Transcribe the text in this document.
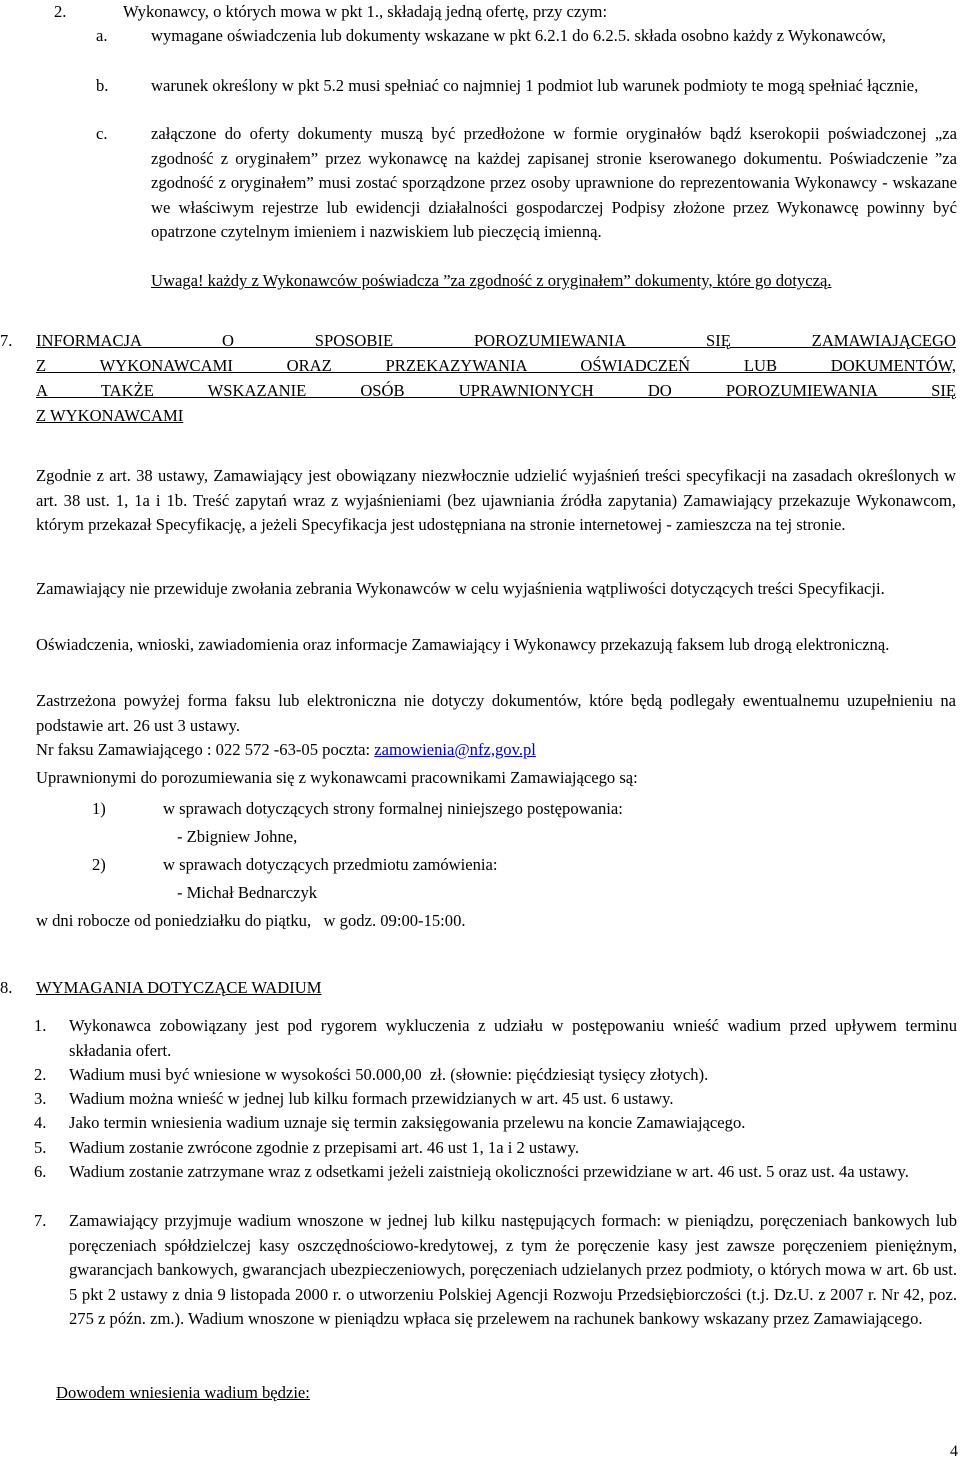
2.	Wykonawcy, o których mowa w pkt 1., składają jedną ofertę, przy czym:
a.	wymagane oświadczenia lub dokumenty wskazane w pkt 6.2.1 do 6.2.5. składa osobno każdy z Wykonawców,
b.	warunek określony w pkt 5.2 musi spełniać co najmniej 1 podmiot lub warunek podmioty te mogą spełniać łącznie,
c.	załączone do oferty dokumenty muszą być przedłożone w formie oryginałów bądź kserokopii poświadczonej „za zgodność z oryginałem” przez wykonawcę na każdej zapisanej stronie kserowanego dokumentu. Poświadczenie ”za zgodność z oryginałem” musi zostać sporządzone przez osoby uprawnione do reprezentowania Wykonawcy - wskazane we właściwym rejestrze lub ewidencji działalności gospodarczej Podpisy złożone przez Wykonawcę powinny być opatrzone czytelnym imieniem i nazwiskiem lub pieczęcią imienną.
Uwaga! każdy z Wykonawców poświadcza ”za zgodność z oryginałem” dokumenty, które go dotyczą.
7. INFORMACJA O SPOSOBIE POROZUMIEWANIA SIĘ ZAMAWIAJĄCEGO
Z WYKONAWCAMI ORAZ PRZEKAZYWANIA OŚWIADCZEŃ LUB DOKUMENTÓW,
A TAKŻE WSKAZANIE OSÓB UPRAWNIONYCH DO POROZUMIEWANIA SIĘ
Z WYKONAWCAMI
Zgodnie z art. 38 ustawy, Zamawiający jest obowiązany niezwłocznie udzielić wyjaśnień treści specyfikacji na zasadach określonych w art. 38 ust. 1, 1a i 1b. Treść zapytań wraz z wyjaśnieniami (bez ujawniania źródła zapytania) Zamawiający przekazuje Wykonawcom, którym przekazał Specyfikację, a jeżeli Specyfikacja jest udostępniana na stronie internetowej - zamieszcza na tej stronie.
Zamawiający nie przewiduje zwołania zebrania Wykonawców w celu wyjaśnienia wątpliwości dotyczących treści Specyfikacji.
Oświadczenia, wnioski, zawiadomienia oraz informacje Zamawiający i Wykonawcy przekazują faksem lub drogą elektroniczną.
Zastrzeżona powyżej forma faksu lub elektroniczna nie dotyczy dokumentów, które będą podlegały ewentualnemu uzupełnieniu na podstawie art. 26 ust 3 ustawy.
Nr faksu Zamawiającego : 022 572 -63-05 poczta: zamowienia@nfz,gov.pl
Uprawnionymi do porozumiewania się z wykonawcami pracownikami Zamawiającego są:
1)	w sprawach dotyczących strony formalnej niniejszego postępowania:
- Zbigniew Johne,
2)	w sprawach dotyczących przedmiotu zamówienia:
- Michał Bednarczyk
w dni robocze od poniedziałku do piątku,   w godz. 09:00-15:00.
8. WYMAGANIA DOTYCZĄCE WADIUM
1. Wykonawca zobowiązany jest pod rygorem wykluczenia z udziału w postępowaniu wnieść wadium przed upływem terminu składania ofert.
2. Wadium musi być wniesione w wysokości 50.000,00  zł. (słownie: pięćdziesiąt tysięcy złotych).
3. Wadium można wnieść w jednej lub kilku formach przewidzianych w art. 45 ust. 6 ustawy.
4. Jako termin wniesienia wadium uznaje się termin zaksięgowania przelewu na koncie Zamawiającego.
5. Wadium zostanie zwrócone zgodnie z przepisami art. 46 ust 1, 1a i 2 ustawy.
6. Wadium zostanie zatrzymane wraz z odsetkami jeżeli zaistnieją okoliczności przewidziane w art. 46 ust. 5 oraz ust. 4a ustawy.
7. Zamawiający przyjmuje wadium wnoszone w jednej lub kilku następujących formach: w pieniądzu, poręczeniach bankowych lub poręczeniach spółdzielczej kasy oszczędnościowo-kredytowej, z tym że poręczenie kasy jest zawsze poręczeniem pieniężnym, gwarancjach bankowych, gwarancjach ubezpieczeniowych, poręczeniach udzielanych przez podmioty, o których mowa w art. 6b ust. 5 pkt 2 ustawy z dnia 9 listopada 2000 r. o utworzeniu Polskiej Agencji Rozwoju Przedsiębiorczości (t.j. Dz.U. z 2007 r. Nr 42, poz. 275 z późn. zm.). Wadium wnoszone w pieniądzu wpłaca się przelewem na rachunek bankowy wskazany przez Zamawiającego.
Dowodem wniesienia wadium będzie:
4
